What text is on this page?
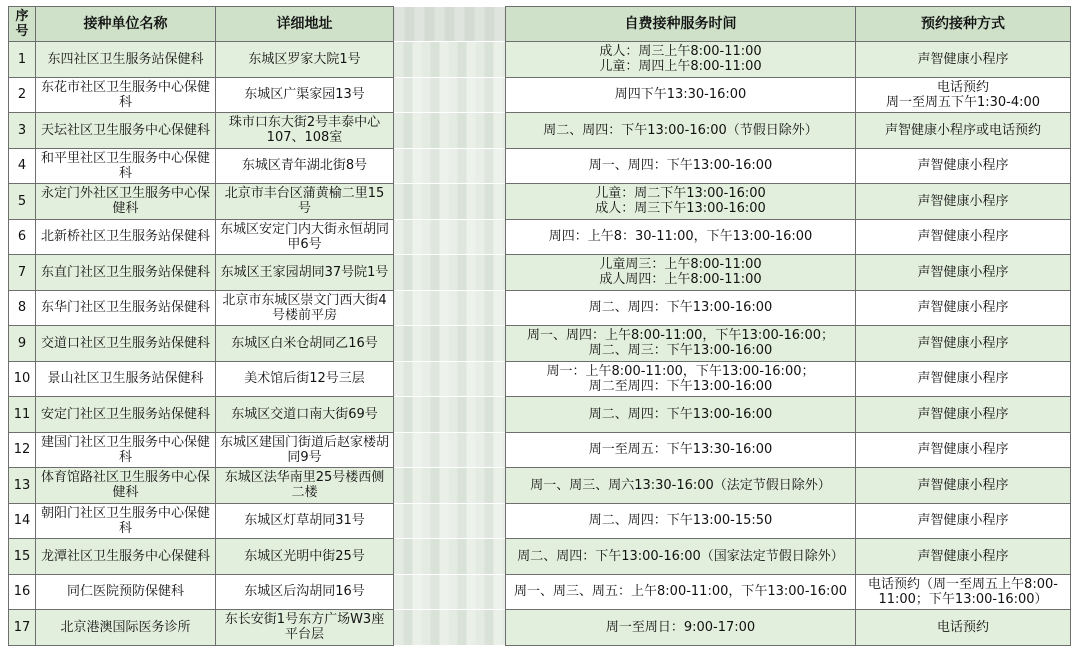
序号	接种单位名称	详细地址		自费接种服务时间	预约接种方式
1	东四社区卫生服务站保健科	东城区罗家大院1号		成人：周三上午8:00-11:00
儿童：周四上午8:00-11:00	声智健康小程序

2	东花市社区卫生服务中心保健科	东城区广渠家园13号		周四下午13:30-16:00	电话预约
周一至周五下午1:30-4:00

3	天坛社区卫生服务中心保健科	珠市口东大街2号丰泰中心107、108室		周二、周四：下午13:00-16:00（节假日除外）	声智健康小程序或电话预约

4	和平里社区卫生服务中心保健科	东城区青年湖北街8号		周一、周四：下午13:00-16:00	声智健康小程序

5	永定门外社区卫生服务中心保健科	北京市丰台区蒲黄榆二里15号		儿童：周二下午13:00-16:00
成人：周三下午13:00-16:00	声智健康小程序

6	北新桥社区卫生服务站保健科	东城区安定门内大街永恒胡同甲6号		周四：上午8：30-11:00，下午13:00-16:00	声智健康小程序

7	东直门社区卫生服务站保健科	东城区王家园胡同37号院1号		儿童周三：上午8:00-11:00
成人周四：上午8:00-11:00	声智健康小程序

8	东华门社区卫生服务站保健科	北京市东城区崇文门西大街4号楼前平房		周二、周四：下午13:00-16:00	声智健康小程序

9	交道口社区卫生服务站保健科	东城区白米仓胡同乙16号		周一、周四：上午8:00-11:00，下午13:00-16:00；
周二、周三：下午13:00-16:00	声智健康小程序

10	景山社区卫生服务站保健科	美术馆后街12号三层		周一：上午8:00-11:00，下午13:00-16:00；
周二至周四：下午13:00-16:00	声智健康小程序

11	安定门社区卫生服务站保健科	东城区交道口南大街69号		周二、周四：下午13:00-16:00	声智健康小程序

12	建国门社区卫生服务中心保健科	东城区建国门街道后赵家楼胡同9号		周一至周五：下午13:30-16:00	声智健康小程序

13	体育馆路社区卫生服务中心保健科	东城区法华南里25号楼西侧二楼		周一、周三、周六13:30-16:00（法定节假日除外）	声智健康小程序

14	朝阳门社区卫生服务中心保健科	东城区灯草胡同31号		周二、周四：下午13:00-15:50	声智健康小程序

15	龙潭社区卫生服务中心保健科	东城区光明中街25号		周二、周四：下午13:00-16:00（国家法定节假日除外）	声智健康小程序

16	同仁医院预防保健科	东城区后沟胡同16号		周一、周三、周五：上午8:00-11:00，下午13:00-16:00	电话预约（周一至周五上午8:00-11:00；下午13:00-16:00）

17	北京港澳国际医务诊所	东长安街1号东方广场W3座平台层		周一至周日：9:00-17:00	电话预约
